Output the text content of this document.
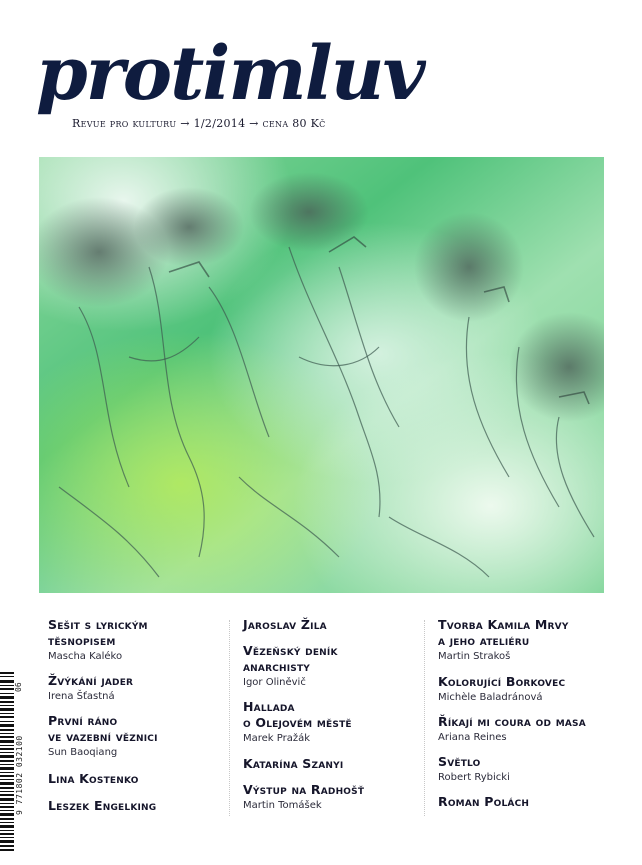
protimluv
Revue pro kulturu → 1/2/2014 → cena 80 Kč
Sešit s lyrickým
těsnopisem
Mascha Kaléko
Žvýkání jader
Irena Šťastná
První ráno
ve vazební věznici
Sun Baoqiang
Lina Kostenko
Leszek Engelking
Jaroslav Žila
Vězeňský deník
anarchisty
Igor Oliněvič
Hallada
o Olejovém městě
Marek Pražák
Katarína Szanyi
Výstup na Radhošť
Martin Tomášek
Tvorba Kamila Mrvy
a jeho ateliéru
Martin Strakoš
Kolorující Borkovec
Michèle Baladránová
Říkají mi coura od masa
Ariana Reines
Světlo
Robert Rybicki
Roman Polách
06
9 771802 032100
